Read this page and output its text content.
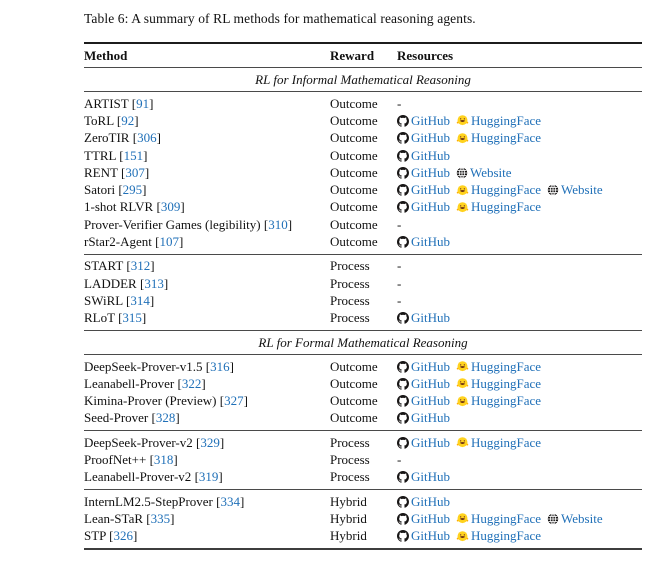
Table 6: A summary of RL methods for mathematical reasoning agents.
Method	Reward	Resources
RL for Informal Mathematical Reasoning
ARTIST [91]	Outcome	-
ToRL [92]	Outcome	GitHub HuggingFace
ZeroTIR [306]	Outcome	GitHub HuggingFace
TTRL [151]	Outcome	GitHub
RENT [307]	Outcome	GitHub Website
Satori [295]	Outcome	GitHub HuggingFace Website
1-shot RLVR [309]	Outcome	GitHub HuggingFace
Prover-Verifier Games (legibility) [310]	Outcome	-
rStar2-Agent [107]	Outcome	GitHub
START [312]	Process	-
LADDER [313]	Process	-
SWiRL [314]	Process	-
RLoT [315]	Process	GitHub
RL for Formal Mathematical Reasoning
DeepSeek-Prover-v1.5 [316]	Outcome	GitHub HuggingFace
Leanabell-Prover [322]	Outcome	GitHub HuggingFace
Kimina-Prover (Preview) [327]	Outcome	GitHub HuggingFace
Seed-Prover [328]	Outcome	GitHub
DeepSeek-Prover-v2 [329]	Process	GitHub HuggingFace
ProofNet++ [318]	Process	-
Leanabell-Prover-v2 [319]	Process	GitHub
InternLM2.5-StepProver [334]	Hybrid	GitHub
Lean-STaR [335]	Hybrid	GitHub HuggingFace Website
STP [326]	Hybrid	GitHub HuggingFace
